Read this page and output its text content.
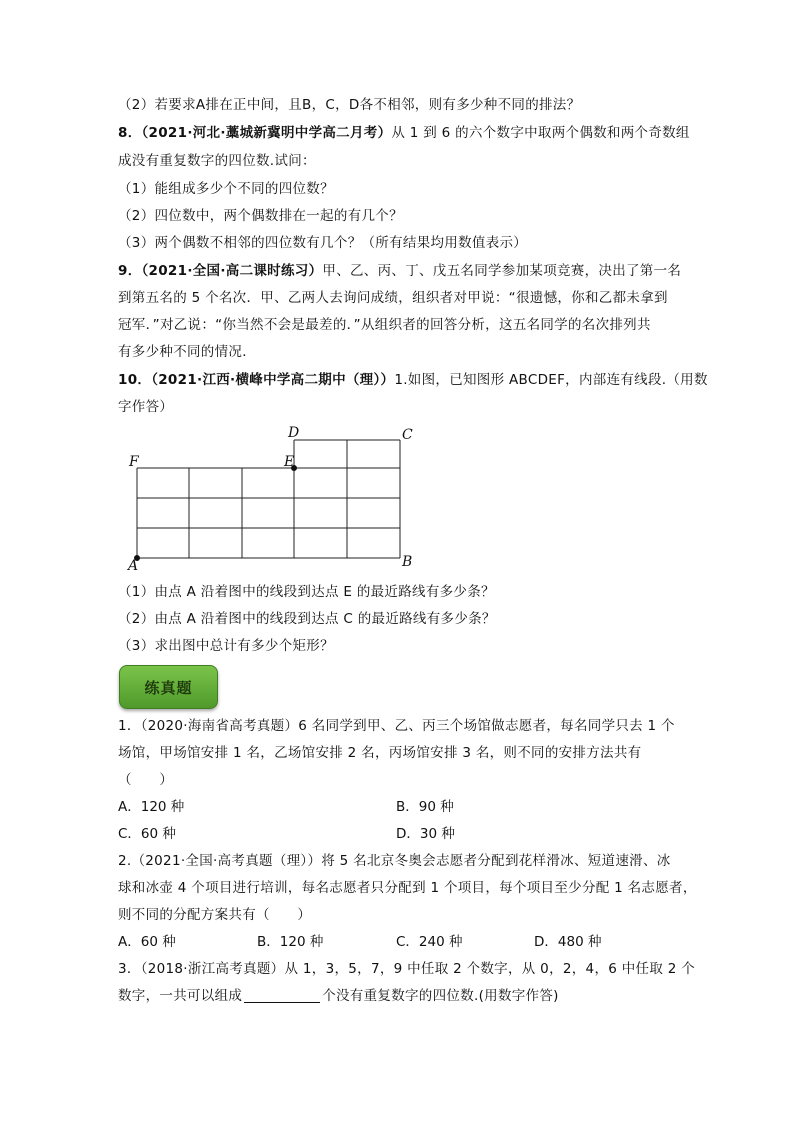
（2）若要求A排在正中间，且B，C，D各不相邻，则有多少种不同的排法？
8．（2021·河北·藁城新冀明中学高二月考）从 1 到 6 的六个数字中取两个偶数和两个奇数组
成没有重复数字的四位数.试问：
（1）能组成多少个不同的四位数？
（2）四位数中，两个偶数排在一起的有几个？
（3）两个偶数不相邻的四位数有几个？（所有结果均用数值表示）
9．（2021·全国·高二课时练习）甲、乙、丙、丁、戊五名同学参加某项竞赛，决出了第一名
到第五名的 5 个名次．甲、乙两人去询问成绩，组织者对甲说：“很遗憾，你和乙都未拿到
冠军．”对乙说：“你当然不会是最差的．”从组织者的回答分析，这五名同学的名次排列共
有多少种不同的情况．
10．（2021·江西·横峰中学高二期中（理））1.如图，已知图形 ABCDEF，内部连有线段.（用数
字作答）
A	B
C
D
E
F
（1）由点 A 沿着图中的线段到达点 E 的最近路线有多少条？
（2）由点 A 沿着图中的线段到达点 C 的最近路线有多少条？
（3）求出图中总计有多少个矩形？
练真题
1．（2020·海南省高考真题）6 名同学到甲、乙、丙三个场馆做志愿者，每名同学只去 1 个
场馆，甲场馆安排 1 名，乙场馆安排 2 名，丙场馆安排 3 名，则不同的安排方法共有
（　　）
A．120 种	B．90 种
C．60 种	D．30 种
2.（2021·全国·高考真题（理））将 5 名北京冬奥会志愿者分配到花样滑冰、短道速滑、冰
球和冰壶 4 个项目进行培训，每名志愿者只分配到 1 个项目，每个项目至少分配 1 名志愿者，
则不同的分配方案共有（　　）
A．60 种	B．120 种	C．240 种	D．480 种
3．（2018·浙江高考真题）从 1，3，5，7，9 中任取 2 个数字，从 0，2，4，6 中任取 2 个
数字，一共可以组成	个没有重复数字的四位数.(用数字作答)
